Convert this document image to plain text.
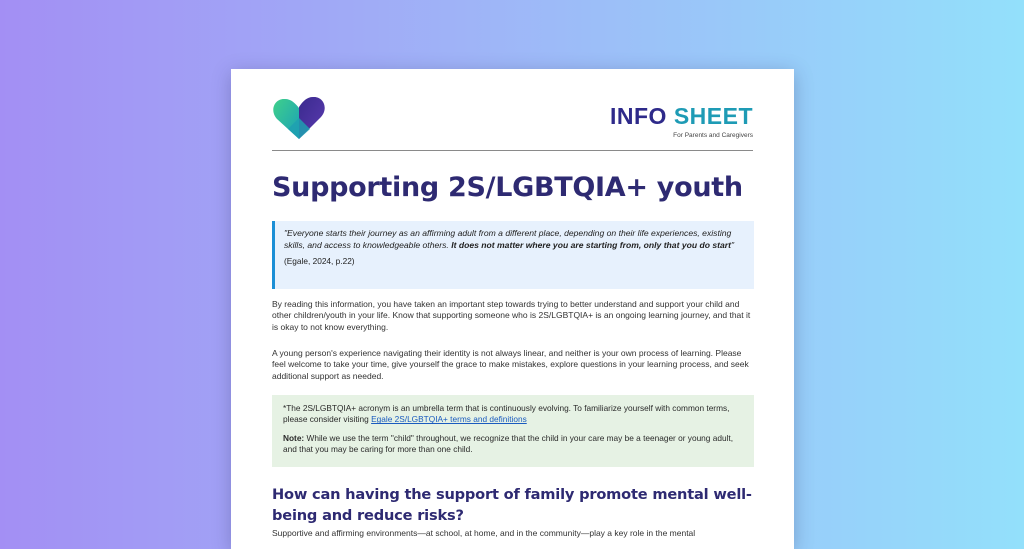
INFO SHEET
For Parents and Caregivers
Supporting 2S/LGBTQIA+ youth

"Everyone starts their journey as an affirming adult from a different place, depending on their life experiences, existing skills, and access to knowledgeable others. It does not matter where you are starting from, only that you do start"

(Egale, 2024, p.22)

By reading this information, you have taken an important step towards trying to better understand and support your child and other children/youth in your life. Know that supporting someone who is 2S/LGBTQIA+ is an ongoing learning journey, and that it is okay to not know everything.

A young person's experience navigating their identity is not always linear, and neither is your own process of learning. Please feel welcome to take your time, give yourself the grace to make mistakes, explore questions in your learning process, and seek additional support as needed.

*The 2S/LGBTQIA+ acronym is an umbrella term that is continuously evolving. To familiarize yourself with common terms, please consider visiting Egale 2S/LGBTQIA+ terms and definitions

Note: While we use the term "child" throughout, we recognize that the child in your care may be a teenager or young adult, and that you may be caring for more than one child.

How can having the support of family promote mental well-being and reduce risks?

Supportive and affirming environments—at school, at home, and in the community—play a key role in the mental
